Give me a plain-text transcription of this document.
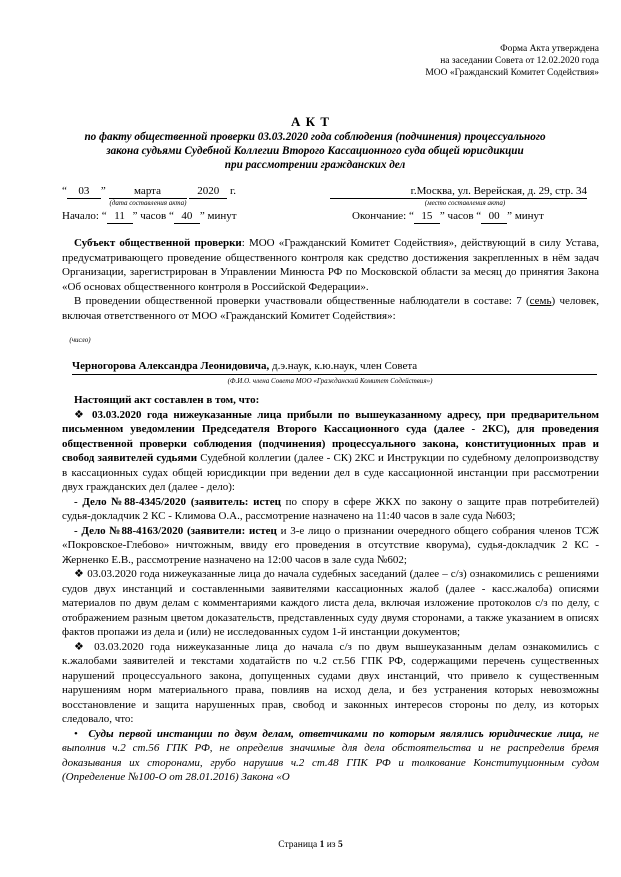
Форма Акта утверждена
на заседании Совета от 12.02.2020 года
МОО «Гражданский Комитет Содействия»
А К Т
по факту общественной проверки 03.03.2020 года соблюдения (подчинения) процессуального
закона судьями Судебной Коллегии Второго Кассационного суда общей юрисдикции
при рассмотрении гражданских дел
“ 03 ”	марта	2020 г.
(дата составления акта)
г.Москва, ул. Верейская, д. 29, стр. 34
(место составления акта)
Начало: “ 11 ” часов “ 40 ” минут	Окончание: “ 15 ” часов “ 00 ” минут

Субъект общественной проверки: МОО «Гражданский Комитет Содействия», действующий в силу Устава, предусматривающего проведение общественного контроля как средство достижения закрепленных в нём задач Организации, зарегистрирован в Управлении Минюста РФ по Московской области за месяц до принятия Закона «Об основах общественного контроля в Российской Федерации».

В проведении общественной проверки участвовали общественные наблюдатели в составе: 7 (семь) человек, включая ответственного от МОО «Гражданский Комитет Содействия»:

(число)
Черногорова Александра Леонидовича, д.э.наук, к.ю.наук, член Совета
(Ф.И.О. члена Совета МОО «Гражданский Комитет Содействия»)

Настоящий акт составлен в том, что:

❖ 03.03.2020 года нижеуказанные лица прибыли по вышеуказанному адресу, при предварительном письменном уведомлении Председателя Второго Кассационного суда (далее - 2КС), для проведения общественной проверки соблюдения (подчинения) процессуального закона, конституционных прав и свобод заявителей судьями Судебной коллегии (далее - СК) 2КС и Инструкции по судебному делопроизводству в кассационных судах общей юрисдикции при ведении дел в суде кассационной инстанции при рассмотрении двух гражданских дел (далее - дело):

- Дело №88-4345/2020 (заявитель: истец по спору в сфере ЖКХ по закону о защите прав потребителей) судья-докладчик 2 КС - Климова О.А., рассмотрение назначено на 11:40 часов в зале суда №603;

- Дело №88-4163/2020 (заявители: истец и 3-е лицо о признании очередного общего собрания членов ТСЖ «Покровское-Глебово» ничтожным, ввиду его проведения в отсутствие кворума), судья-докладчик 2 КС - Жерненко Е.В., рассмотрение назначено на 12:00 часов в зале суда №602;

❖ 03.03.2020 года нижеуказанные лица до начала судебных заседаний (далее – с/з) ознакомились с решениями судов двух инстанций и составленными заявителями кассационных жалоб (далее - касс.жалоба) описями материалов по двум делам с комментариями каждого листа дела, включая изложение протоколов с/з по делу, с отображением разным цветом доказательств, представленных суду двумя сторонами, а также указанием в описях фактов пропажи из дела и (или) не исследованных судом 1-й инстанции документов;

❖ 03.03.2020 года нижеуказанные лица до начала с/з по двум вышеуказанным делам ознакомились с к.жалобами заявителей и текстами ходатайств по ч.2 ст.56 ГПК РФ, содержащими перечень существенных нарушений процессуального закона, допущенных судами двух инстанций, что привело к существенным нарушениям норм материального права, повлияв на исход дела, и без устранения которых невозможны восстановление и защита нарушенных прав, свобод и законных интересов стороны по делу, из которых следовало, что:

•  Суды первой инстанции по двум делам, ответчиками по которым являлись юридические лица, не выполнив ч.2 ст.56 ГПК РФ, не определив значимые для дела обстоятельства и не распределив бремя доказывания их сторонами, грубо нарушив ч.2 ст.48 ГПК РФ и толкование Конституционным судом (Определение №100-О от 28.01.2016) Закона «О

Страница 1 из 5
